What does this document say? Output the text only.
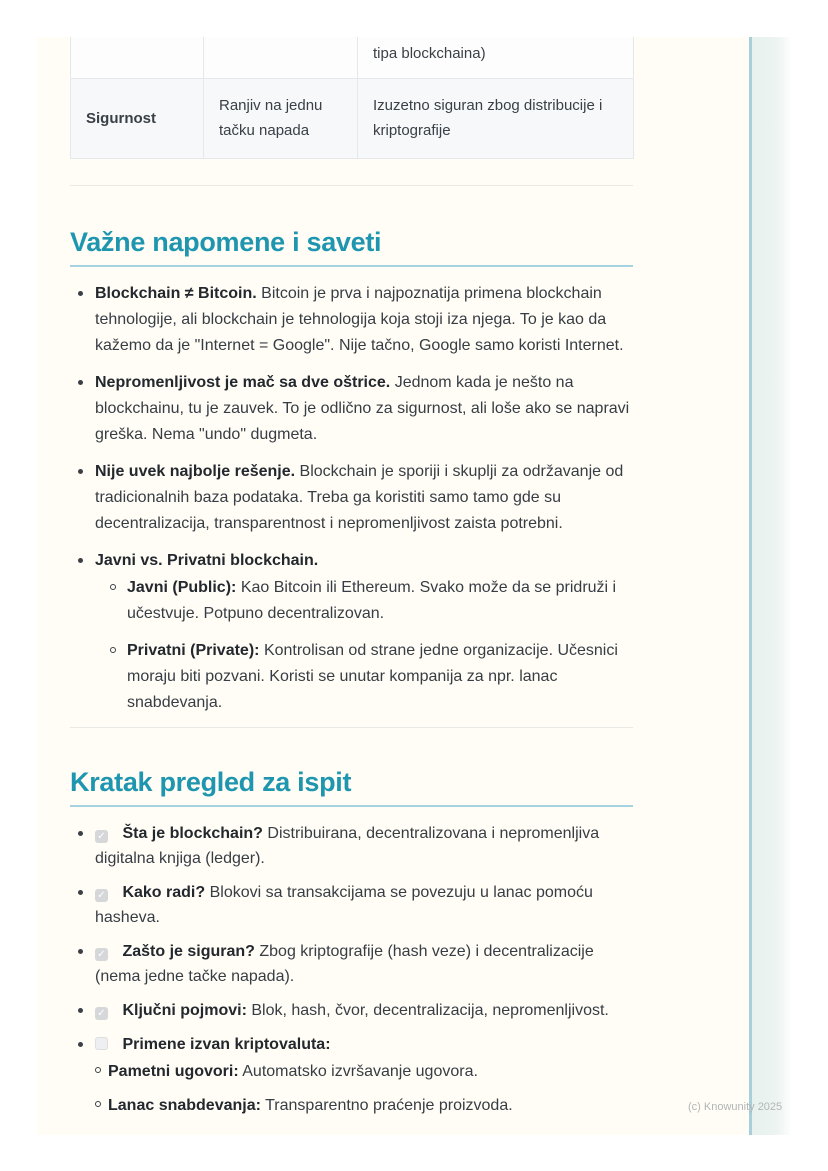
		tipa blockchaina)
Sigurnost	Ranjiv na jednu tačku napada	Izuzetno siguran zbog distribucije i kriptografije
Važne napomene i saveti
Blockchain ≠ Bitcoin. Bitcoin je prva i najpoznatija primena blockchain tehnologije, ali blockchain je tehnologija koja stoji iza njega. To je kao da kažemo da je "Internet = Google". Nije tačno, Google samo koristi Internet.
Nepromenljivost je mač sa dve oštrice. Jednom kada je nešto na blockchainu, tu je zauvek. To je odlično za sigurnost, ali loše ako se napravi greška. Nema "undo" dugmeta.
Nije uvek najbolje rešenje. Blockchain je sporiji i skuplji za održavanje od tradicionalnih baza podataka. Treba ga koristiti samo tamo gde su decentralizacija, transparentnost i nepromenljivost zaista potrebni.
Javni vs. Privatni blockchain.
Javni (Public): Kao Bitcoin ili Ethereum. Svako može da se pridruži i učestvuje. Potpuno decentralizovan.
Privatni (Private): Kontrolisan od strane jedne organizacije. Učesnici moraju biti pozvani. Koristi se unutar kompanija za npr. lanac snabdevanja.
Kratak pregled za ispit
✓ Šta je blockchain? Distribuirana, decentralizovana i nepromenljiva digitalna knjiga (ledger).
✓ Kako radi? Blokovi sa transakcijama se povezuju u lanac pomoću hasheva.
✓ Zašto je siguran? Zbog kriptografije (hash veze) i decentralizacije (nema jedne tačke napada).
✓ Ključni pojmovi: Blok, hash, čvor, decentralizacija, nepromenljivost.
Primene izvan kriptovaluta:
Pametni ugovori: Automatsko izvršavanje ugovora.
Lanac snabdevanja: Transparentno praćenje proizvoda.	(c) Knowunity 2025
